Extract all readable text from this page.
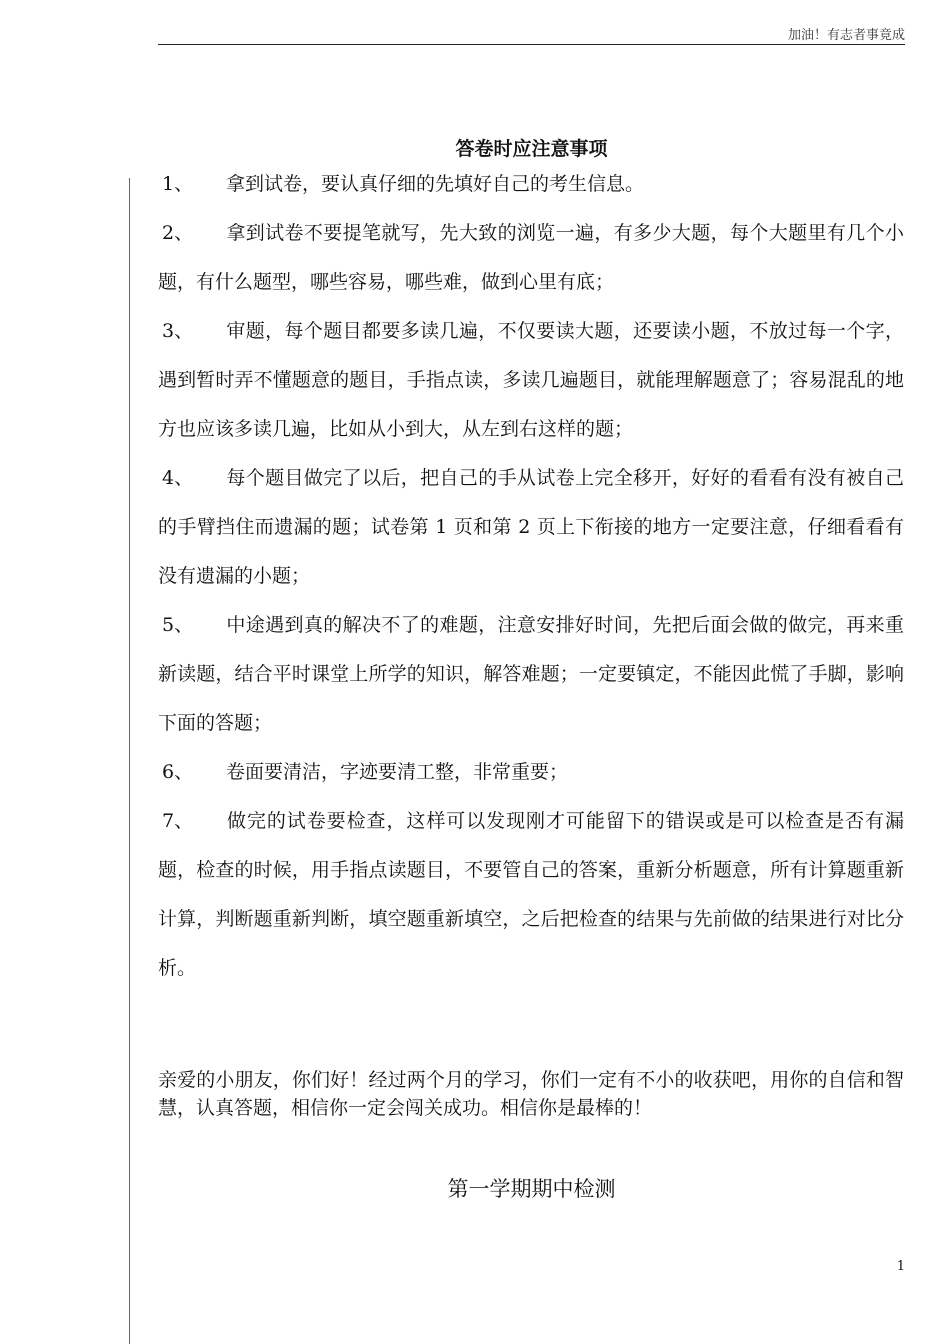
加油！有志者事竟成
答卷时应注意事项

1、 拿到试卷，要认真仔细的先填好自己的考生信息。

2、 拿到试卷不要提笔就写，先大致的浏览一遍，有多少大题，每个大题里有几个小题，有什么题型，哪些容易，哪些难，做到心里有底；

3、 审题，每个题目都要多读几遍，不仅要读大题，还要读小题，不放过每一个字，遇到暂时弄不懂题意的题目，手指点读，多读几遍题目，就能理解题意了；容易混乱的地方也应该多读几遍，比如从小到大，从左到右这样的题；

4、 每个题目做完了以后，把自己的手从试卷上完全移开，好好的看看有没有被自己的手臂挡住而遗漏的题；试卷第 1 页和第 2 页上下衔接的地方一定要注意，仔细看看有没有遗漏的小题；

5、 中途遇到真的解决不了的难题，注意安排好时间，先把后面会做的做完，再来重新读题，结合平时课堂上所学的知识，解答难题；一定要镇定，不能因此慌了手脚，影响下面的答题；

6、 卷面要清洁，字迹要清工整，非常重要；

7、 做完的试卷要检查，这样可以发现刚才可能留下的错误或是可以检查是否有漏题，检查的时候，用手指点读题目，不要管自己的答案，重新分析题意，所有计算题重新计算，判断题重新判断，填空题重新填空，之后把检查的结果与先前做的结果进行对比分析。

亲爱的小朋友，你们好！经过两个月的学习，你们一定有不小的收获吧，用你的自信和智慧，认真答题，相信你一定会闯关成功。相信你是最棒的！
第一学期期中检测
1
